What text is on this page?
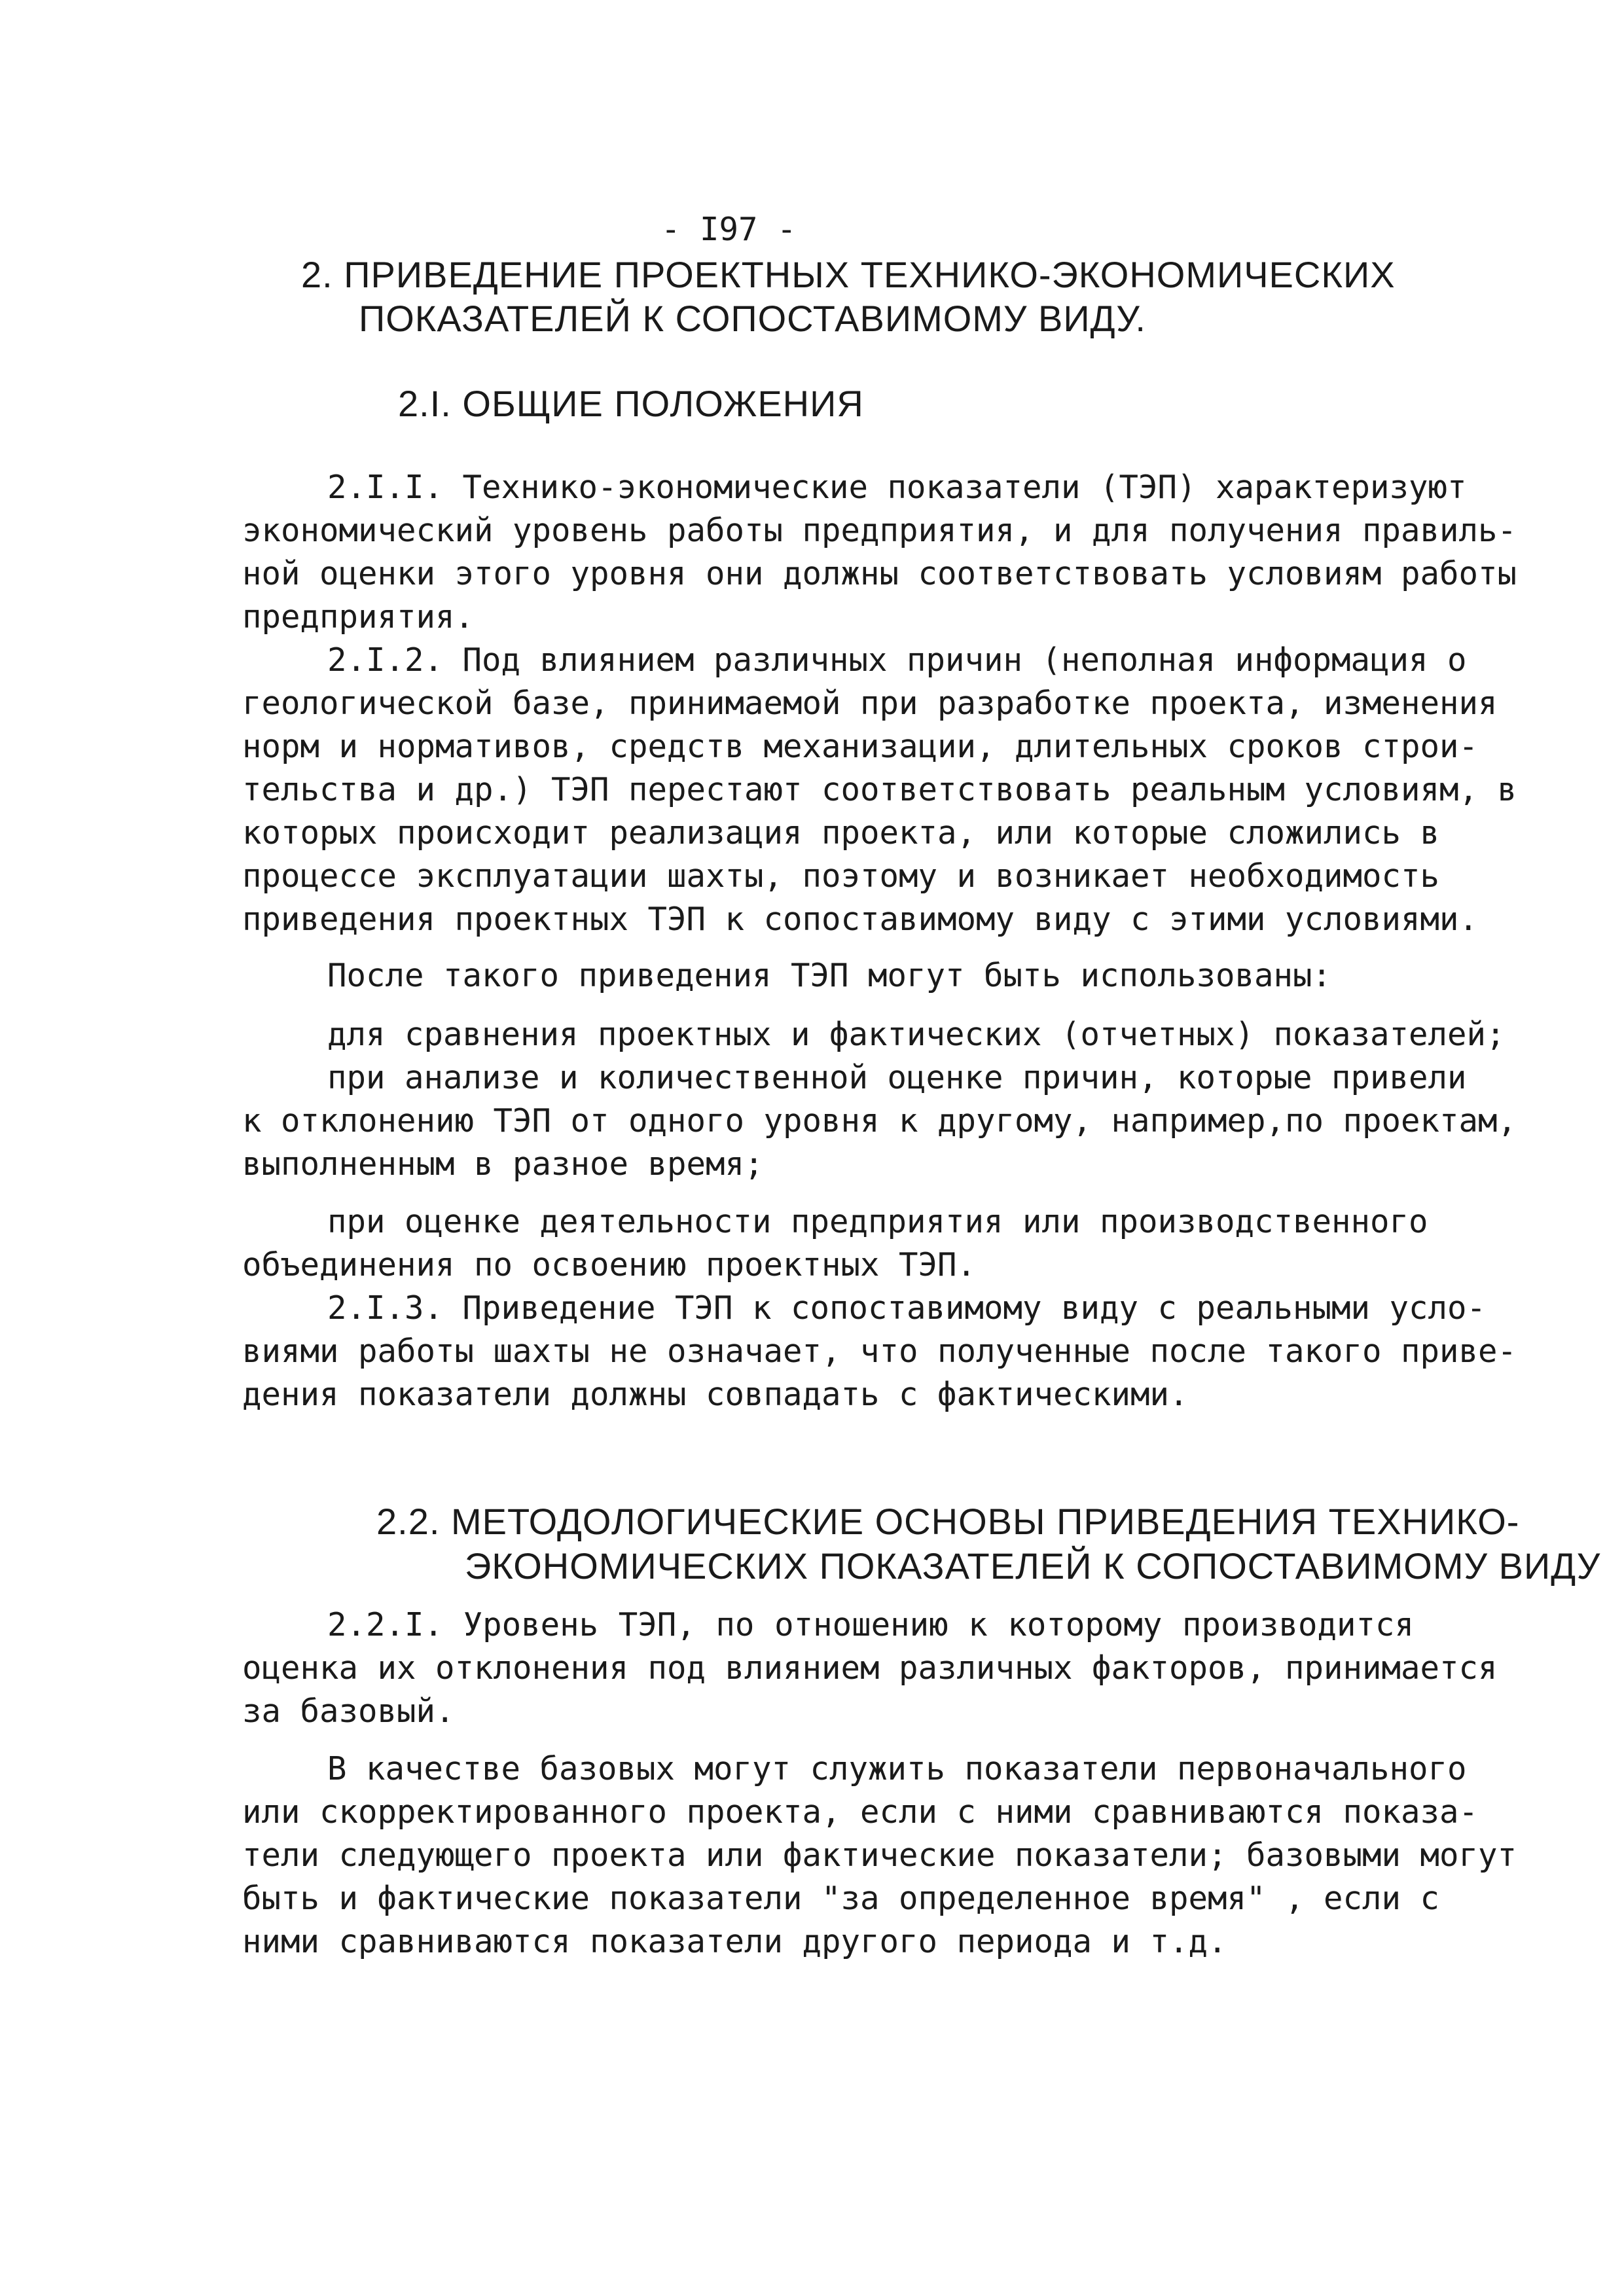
- I97 -
2. ПРИВЕДЕНИЕ ПРОЕКТНЫХ ТЕХНИКО-ЭКОНОМИЧЕСКИХ
ПОКАЗАТЕЛЕЙ К СОПОСТАВИМОМУ ВИДУ.
2.I. ОБЩИЕ ПОЛОЖЕНИЯ
2.I.I. Технико-экономические показатели (ТЭП) характеризуют
экономический уровень работы предприятия, и для получения правиль-
ной оценки этого уровня они должны соответствовать условиям работы
предприятия.
2.I.2. Под влиянием различных причин (неполная информация о
геологической базе, принимаемой при разработке проекта, изменения
норм и нормативов, средств механизации, длительных сроков строи-
тельства и др.) ТЭП перестают соответствовать реальным условиям, в
которых происходит реализация проекта, или которые сложились в
процессе эксплуатации шахты, поэтому и возникает необходимость
приведения проектных ТЭП к сопоставимому виду с этими условиями.
После такого приведения ТЭП могут быть использованы:
для сравнения проектных и фактических (отчетных) показателей;
при анализе и количественной оценке причин, которые привели
к отклонению ТЭП от одного уровня к другому, например,по проектам,
выполненным в разное время;
при оценке деятельности предприятия или производственного
объединения по освоению проектных ТЭП.
2.I.3. Приведение ТЭП к сопоставимому виду с реальными усло-
виями работы шахты не означает, что полученные после такого приве-
дения показатели должны совпадать с фактическими.
2.2. МЕТОДОЛОГИЧЕСКИЕ ОСНОВЫ ПРИВЕДЕНИЯ ТЕХНИКО-
ЭКОНОМИЧЕСКИХ ПОКАЗАТЕЛЕЙ К СОПОСТАВИМОМУ ВИДУ
2.2.I. Уровень ТЭП, по отношению к которому производится
оценка их отклонения под влиянием различных факторов, принимается
за базовый.
В качестве базовых могут служить показатели первоначального
или скорректированного проекта, если с ними сравниваются показа-
тели следующего проекта или фактические показатели; базовыми могут
быть и фактические показатели "за определенное время" , если с
ними сравниваются показатели другого периода и т.д.
